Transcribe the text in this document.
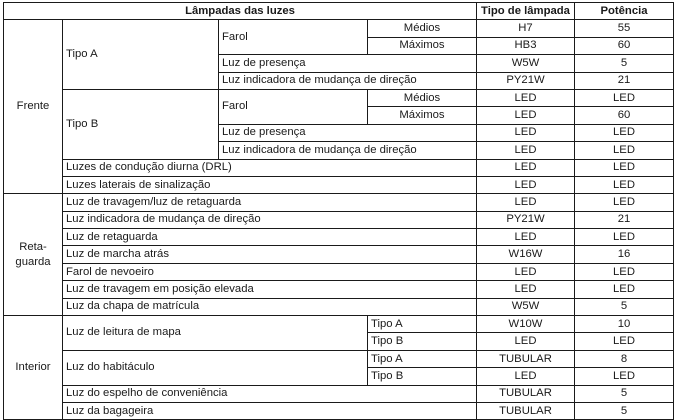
Lâmpadas das luzes				Tipo de lâmpada	Potência
Frente	Tipo A	Farol	Médios	H7	55
			Máximos	HB3	60
		Luz de presença		W5W	5
		Luz indicadora de mudança de direção		PY21W	21
	Tipo B	Farol	Médios	LED	LED
			Máximos	LED	60
		Luz de presença		LED	LED
		Luz indicadora de mudança de direção		LED	LED
	Luzes de condução diurna (DRL)			LED	LED
	Luzes laterais de sinalização			LED	LED
Reta-
guarda	Luz de travagem/luz de retaguarda			LED	LED
	Luz indicadora de mudança de direção			PY21W	21
	Luz de retaguarda			LED	LED
	Luz de marcha atrás			W16W	16
	Farol de nevoeiro			LED	LED
	Luz de travagem em posição elevada			LED	LED
	Luz da chapa de matrícula			W5W	5
Interior	Luz de leitura de mapa		Tipo A	W10W	10
			Tipo B	LED	LED
	Luz do habitáculo		Tipo A	TUBULAR	8
			Tipo B	LED	LED
	Luz do espelho de conveniência			TUBULAR	5
	Luz da bagageira			TUBULAR	5
